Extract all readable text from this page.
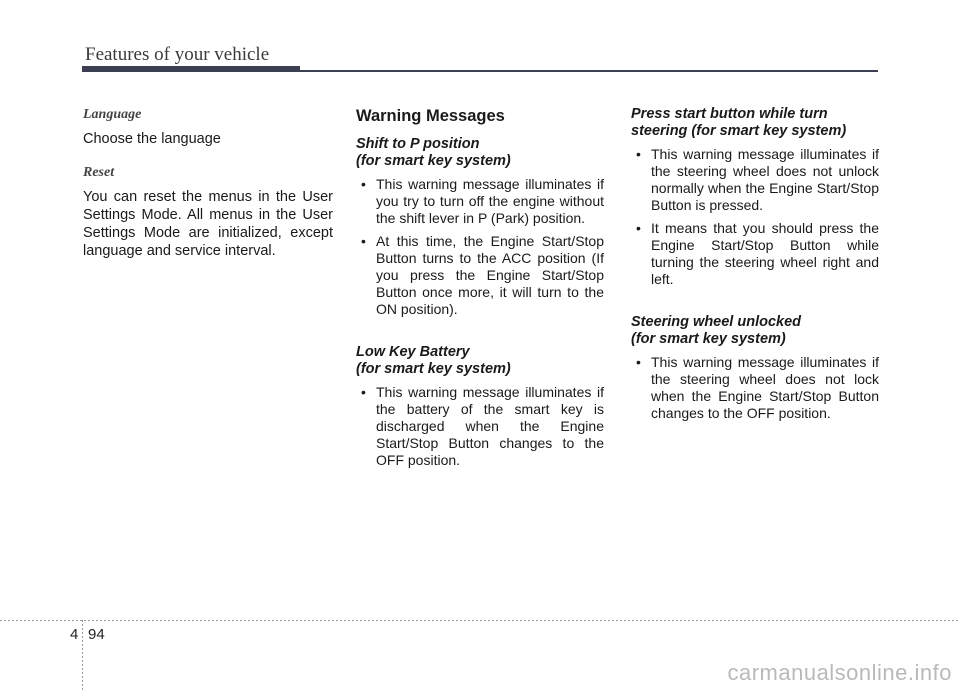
Features of your vehicle

Language

Choose the language

Reset

You can reset the menus in the User Settings Mode. All menus in the User Settings Mode are initialized, except language and service interval.

Warning Messages
Shift to P position
(for smart key system)
• This warning message illuminates if you try to turn off the engine without the shift lever in P (Park) position.
• At this time, the Engine Start/Stop Button turns to the ACC position (If you press the Engine Start/Stop Button once more, it will turn to the ON position).
Low Key Battery
(for smart key system)
• This warning message illuminates if the battery of the smart key is discharged when the Engine Start/Stop Button changes to the OFF position.
Press start button while turn
steering (for smart key system)
• This warning message illuminates if the steering wheel does not unlock normally when the Engine Start/Stop Button is pressed.
• It means that you should press the Engine Start/Stop Button while turning the steering wheel right and left.
Steering wheel unlocked
(for smart key system)
• This warning message illuminates if the steering wheel does not lock when the Engine Start/Stop Button changes to the OFF position.
4 94
carmanualsonline.info
